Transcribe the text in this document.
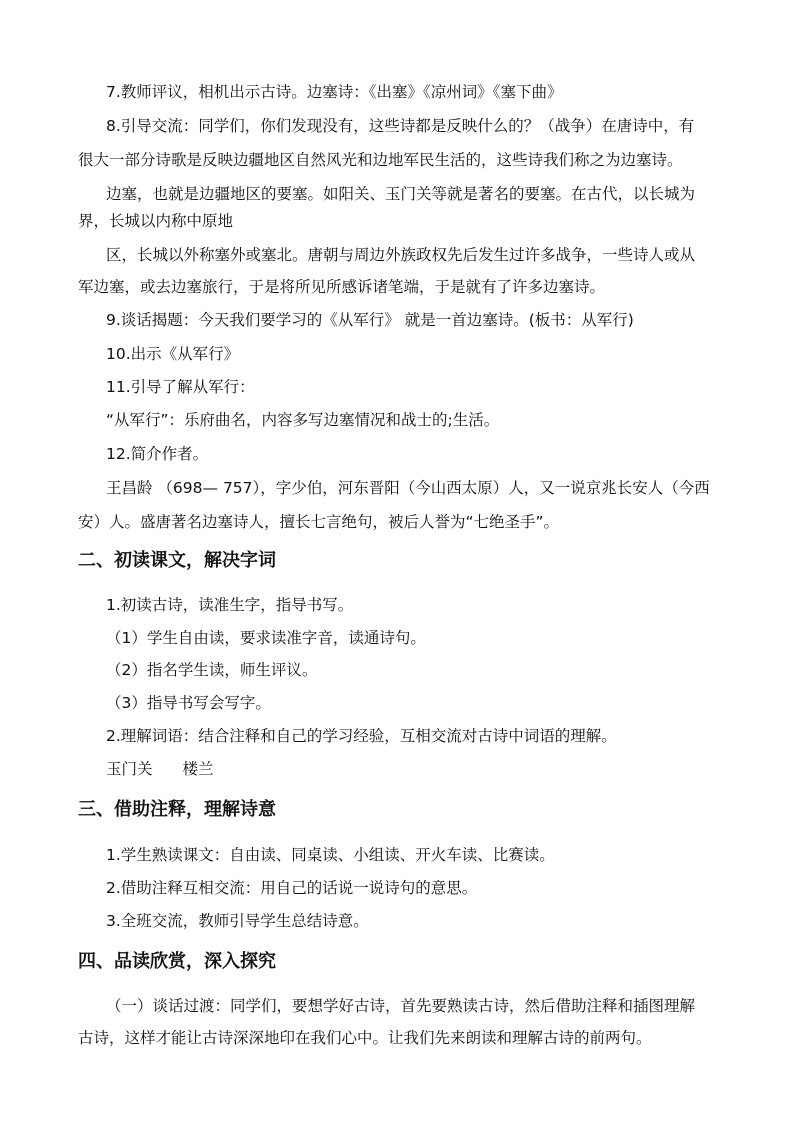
7.教师评议，相机出示古诗。边塞诗：《出塞》《凉州词》《塞下曲》
8.引导交流：同学们，你们发现没有，这些诗都是反映什么的？（战争）在唐诗中，有
很大一部分诗歌是反映边疆地区自然风光和边地军民生活的，这些诗我们称之为边塞诗。
边塞，也就是边疆地区的要塞。如阳关、玉门关等就是著名的要塞。在古代，以长城为
界，长城以内称中原地
区，长城以外称塞外或塞北。唐朝与周边外族政权先后发生过许多战争，一些诗人或从
军边塞，或去边塞旅行，于是将所见所感诉诸笔端，于是就有了许多边塞诗。
9.谈话揭题：今天我们要学习的《从军行》 就是一首边塞诗。(板书：从军行)
10.出示《从军行》
11.引导了解从军行：
“从军行”：乐府曲名，内容多写边塞情况和战士的;生活。
12.简介作者。
王昌龄 （698— 757），字少伯，河东晋阳（今山西太原）人，又一说京兆长安人（今西
安）人。盛唐著名边塞诗人，擅长七言绝句，被后人誉为“七绝圣手”。
二、初读课文，解决字词
1.初读古诗，读准生字，指导书写。
（1）学生自由读，要求读准字音，读通诗句。
（2）指名学生读，师生评议。
（3）指导书写会写字。
2.理解词语：结合注释和自己的学习经验，互相交流对古诗中词语的理解。
玉门关 楼兰
三、借助注释，理解诗意
1.学生熟读课文：自由读、同桌读、小组读、开火车读、比赛读。
2.借助注释互相交流：用自己的话说一说诗句的意思。
3.全班交流，教师引导学生总结诗意。
四、品读欣赏，深入探究
（一）谈话过渡：同学们，要想学好古诗，首先要熟读古诗，然后借助注释和插图理解
古诗，这样才能让古诗深深地印在我们心中。让我们先来朗读和理解古诗的前两句。
